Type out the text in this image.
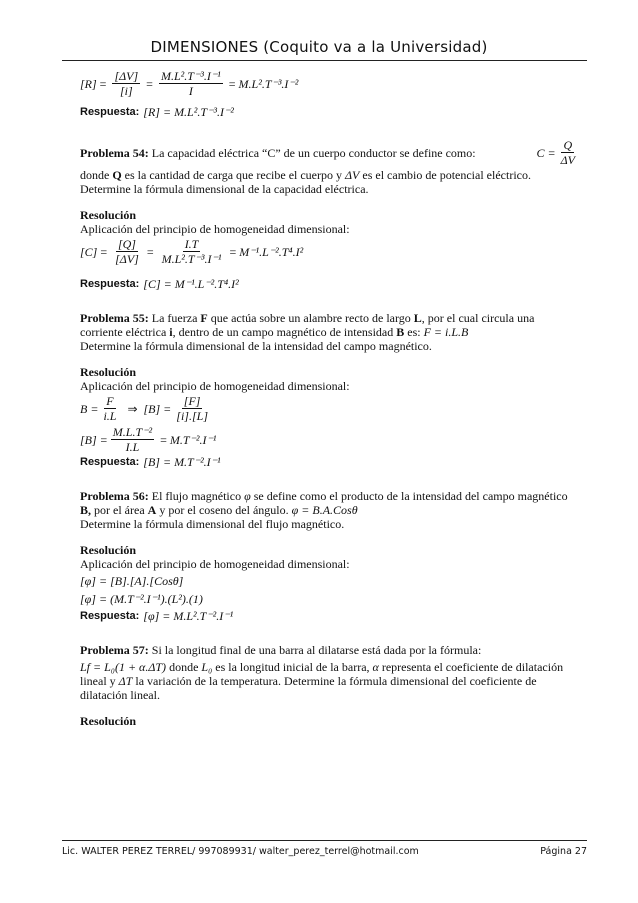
DIMENSIONES (Coquito va a la Universidad)
$[R] = \frac{[\Delta V]}{[i]} = \frac{\text{M.L².T⁻³.I⁻¹}}{I} = M.L^2.T^{-3}.I^{-2}$
Respuesta: [R] = M.L².T⁻³.I⁻²
Problema 54: La capacidad eléctrica “C” de un cuerpo conductor se define como:	$C = \frac{Q}{\Delta V}$
donde Q es la cantidad de carga que recibe el cuerpo y ΔV es el cambio de potencial eléctrico. Determine la fórmula dimensional de la capacidad eléctrica.
Resolución
Aplicación del principio de homogeneidad dimensional:
$[C] = \frac{[Q]}{[\Delta V]} = \frac{I.T}{\text{M.L².T⁻³.I⁻¹}} = M^{-1}.L^{-2}.T^4.I^2$
Respuesta: [C] = M⁻¹.L⁻².T⁴.I²
Problema 55: La fuerza F que actúa sobre un alambre recto de largo L, por el cual circula una corriente eléctrica i, dentro de un campo magnético de intensidad B es: F = i.L.B
Determine la fórmula dimensional de la intensidad del campo magnético.
Resolución
Aplicación del principio de homogeneidad dimensional:
$B = \frac{F}{i.L}$
⇒
$[B] = \frac{[F]}{[i].[L]}$
$[B] = \frac{\text{M.L.T⁻²}}{I.L} = M.T^{-2}.I^{-1}$
Respuesta: [B] = M.T⁻².I⁻¹
Problema 56: El flujo magnético φ se define como el producto de la intensidad del campo magnético B, por el área A y por el coseno del ángulo. φ = B.A.Cosθ
Determine la fórmula dimensional del flujo magnético.
Resolución
Aplicación del principio de homogeneidad dimensional:
[φ] = [B].[A].[Cosθ]
[φ] = (M.T⁻².I⁻¹).(L²).(1)
Respuesta: [φ] = M.L².T⁻².I⁻¹
Problema 57: Si la longitud final de una barra al dilatarse está dada por la fórmula:
Lf = L₀(1 + α.ΔT) donde L₀ es la longitud inicial de la barra, α representa el coeficiente de dilatación lineal y ΔT la variación de la temperatura. Determine la fórmula dimensional del coeficiente de dilatación lineal.
Resolución
Lic. WALTER PEREZ TERREL/ 997089931/ walter_perez_terrel@hotmail.com	Página 27
